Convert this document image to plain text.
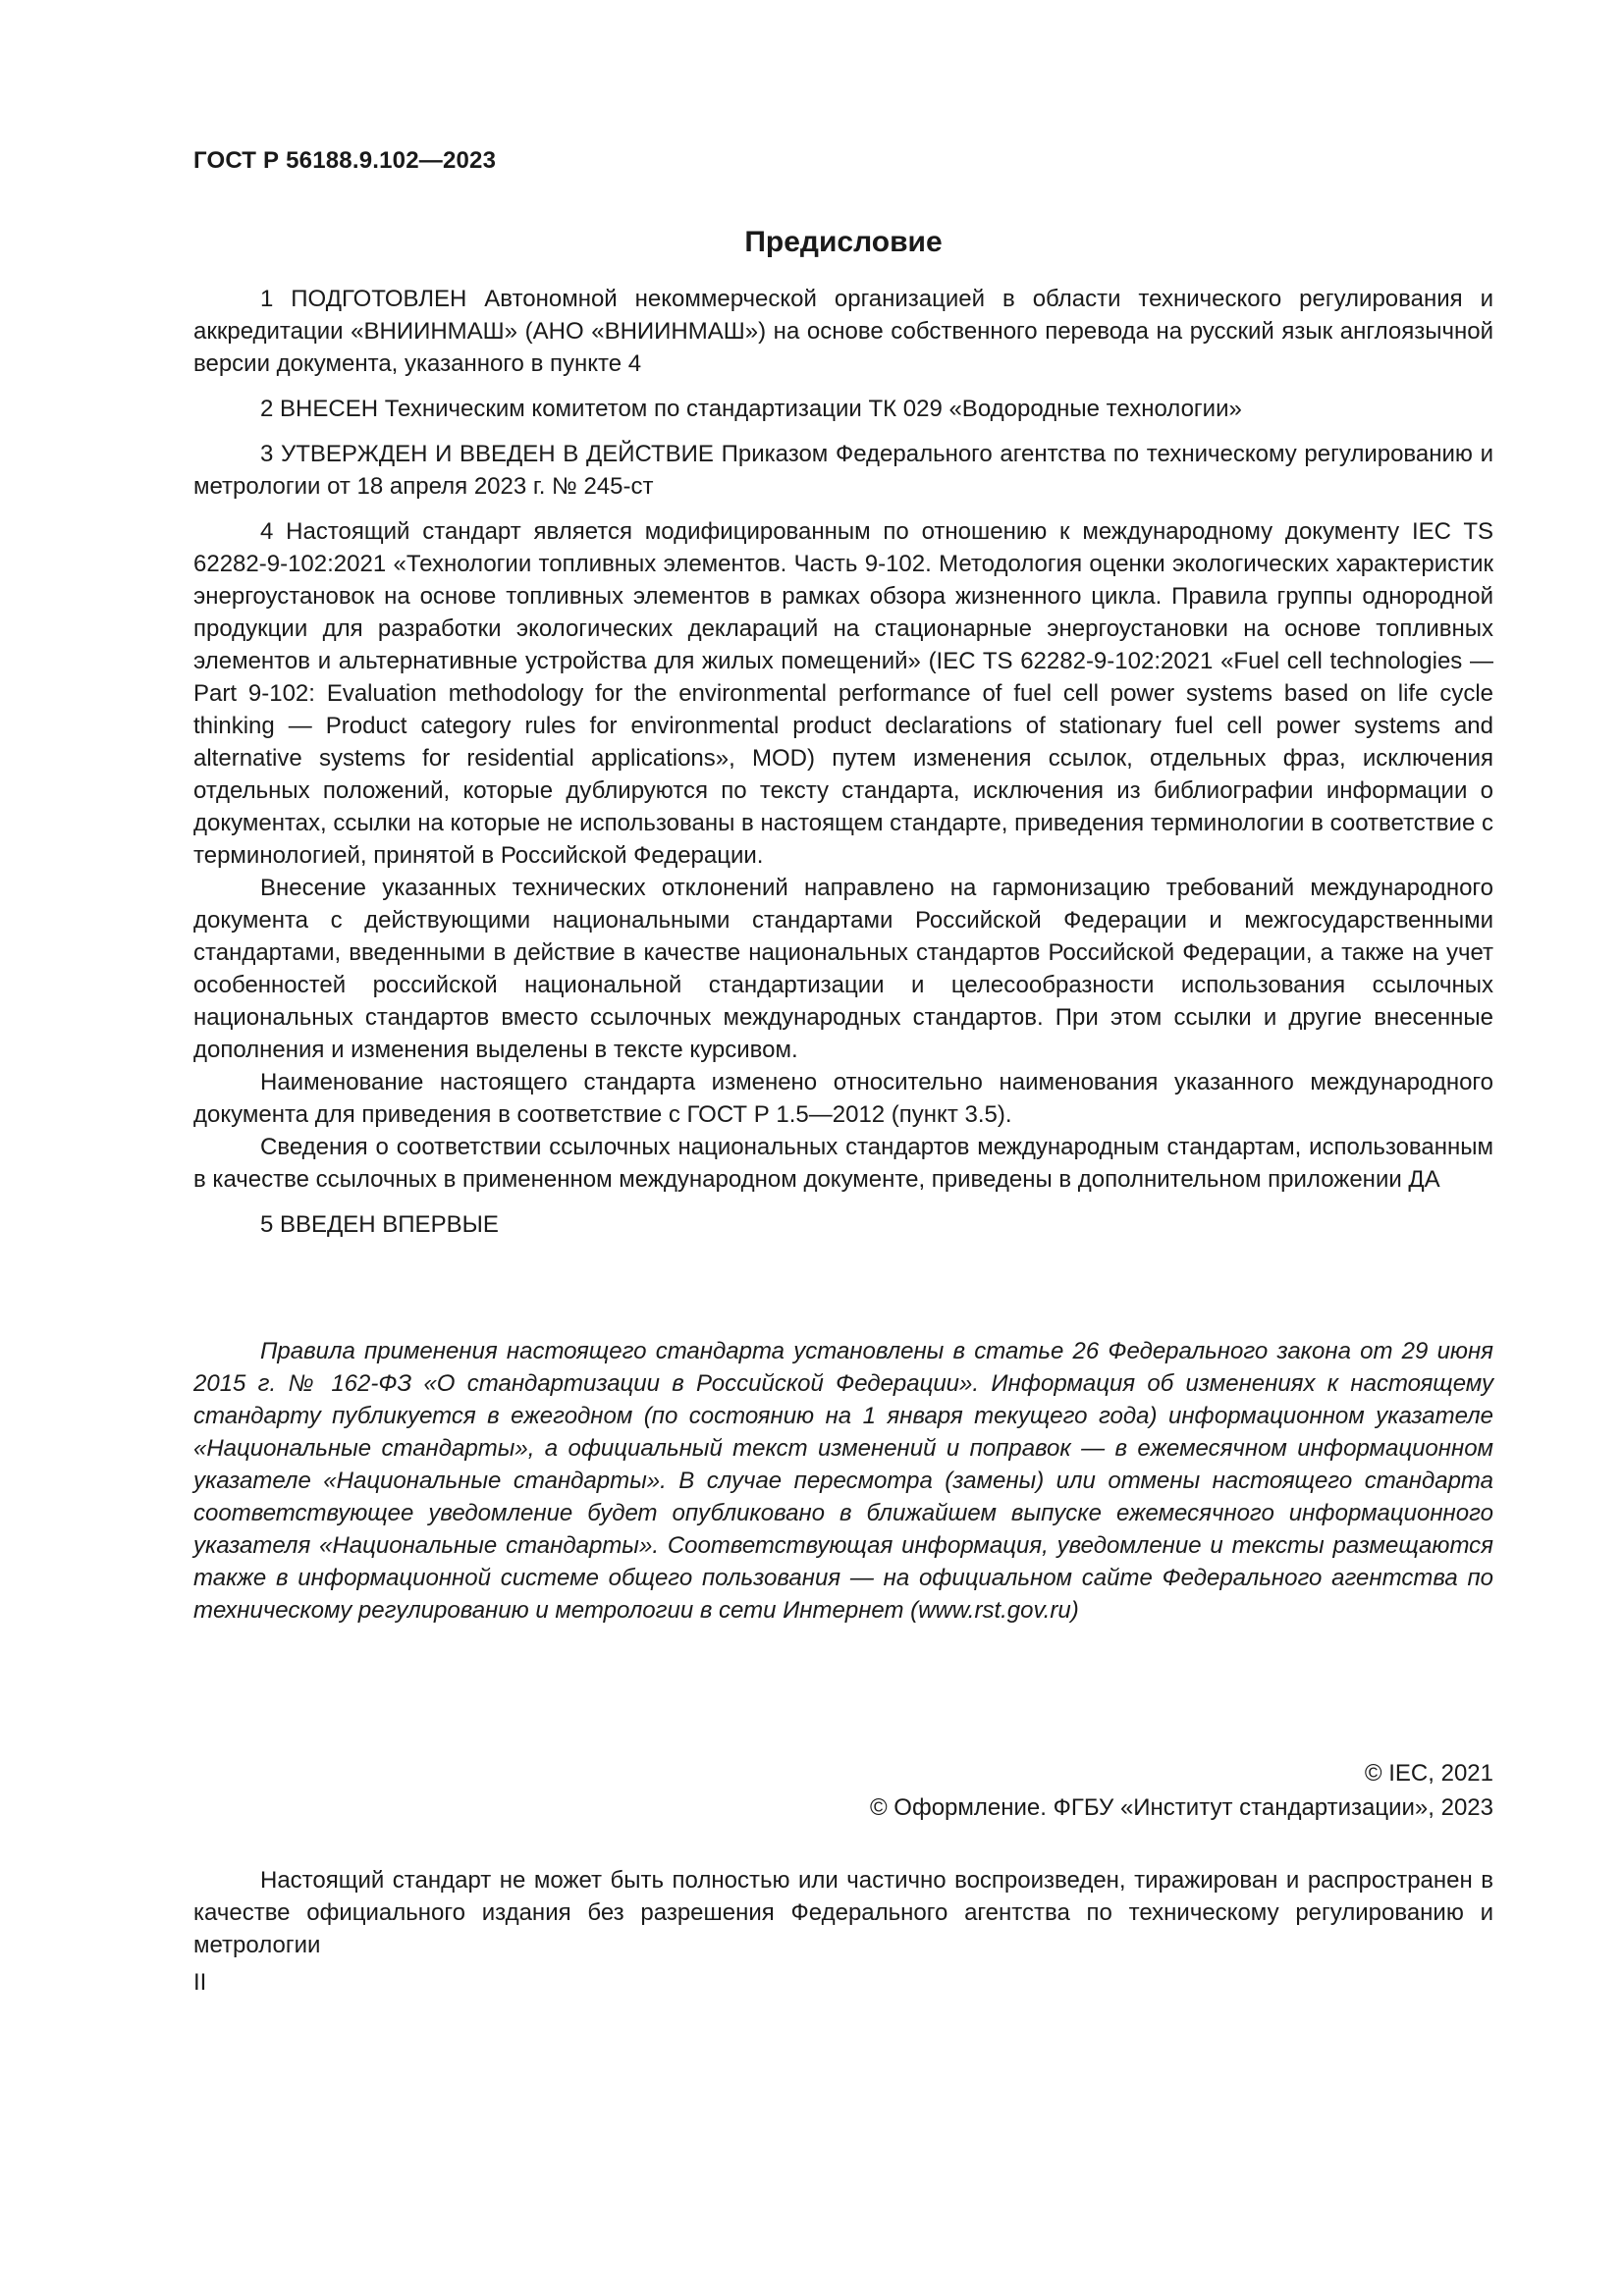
ГОСТ Р 56188.9.102—2023
Предисловие

1 ПОДГОТОВЛЕН Автономной некоммерческой организацией в области технического регулирования и аккредитации «ВНИИНМАШ» (АНО «ВНИИНМАШ») на основе собственного перевода на русский язык англоязычной версии документа, указанного в пункте 4

2 ВНЕСЕН Техническим комитетом по стандартизации ТК 029 «Водородные технологии»

3 УТВЕРЖДЕН И ВВЕДЕН В ДЕЙСТВИЕ Приказом Федерального агентства по техническому регулированию и метрологии от 18 апреля 2023 г. № 245-ст

4 Настоящий стандарт является модифицированным по отношению к международному документу IEC TS 62282-9-102:2021 «Технологии топливных элементов. Часть 9-102. Методология оценки экологических характеристик энергоустановок на основе топливных элементов в рамках обзора жизненного цикла. Правила группы однородной продукции для разработки экологических деклараций на стационарные энергоустановки на основе топливных элементов и альтернативные устройства для жилых помещений» (IEC TS 62282-9-102:2021 «Fuel cell technologies — Part 9-102: Evaluation methodology for the environmental performance of fuel cell power systems based on life cycle thinking — Product category rules for environmental product declarations of stationary fuel cell power systems and alternative systems for residential applications», MOD) путем изменения ссылок, отдельных фраз, исключения отдельных положений, которые дублируются по тексту стандарта, исключения из библиографии информации о документах, ссылки на которые не использованы в настоящем стандарте, приведения терминологии в соответствие с терминологией, принятой в Российской Федерации.

Внесение указанных технических отклонений направлено на гармонизацию требований международного документа с действующими национальными стандартами Российской Федерации и межгосударственными стандартами, введенными в действие в качестве национальных стандартов Российской Федерации, а также на учет особенностей российской национальной стандартизации и целесообразности использования ссылочных национальных стандартов вместо ссылочных международных стандартов. При этом ссылки и другие внесенные дополнения и изменения выделены в тексте курсивом.

Наименование настоящего стандарта изменено относительно наименования указанного международного документа для приведения в соответствие с ГОСТ Р 1.5—2012 (пункт 3.5).

Сведения о соответствии ссылочных национальных стандартов международным стандартам, использованным в качестве ссылочных в примененном международном документе, приведены в дополнительном приложении ДА

5 ВВЕДЕН ВПЕРВЫЕ

Правила применения настоящего стандарта установлены в статье 26 Федерального закона от 29 июня 2015 г. № 162-ФЗ «О стандартизации в Российской Федерации». Информация об изменениях к настоящему стандарту публикуется в ежегодном (по состоянию на 1 января текущего года) информационном указателе «Национальные стандарты», а официальный текст изменений и поправок — в ежемесячном информационном указателе «Национальные стандарты». В случае пересмотра (замены) или отмены настоящего стандарта соответствующее уведомление будет опубликовано в ближайшем выпуске ежемесячного информационного указателя «Национальные стандарты». Соответствующая информация, уведомление и тексты размещаются также в информационной системе общего пользования — на официальном сайте Федерального агентства по техническому регулированию и метрологии в сети Интернет (www.rst.gov.ru)
© IEC, 2021
© Оформление. ФГБУ «Институт стандартизации», 2023
Настоящий стандарт не может быть полностью или частично воспроизведен, тиражирован и распространен в качестве официального издания без разрешения Федерального агентства по техническому регулированию и метрологии
II
